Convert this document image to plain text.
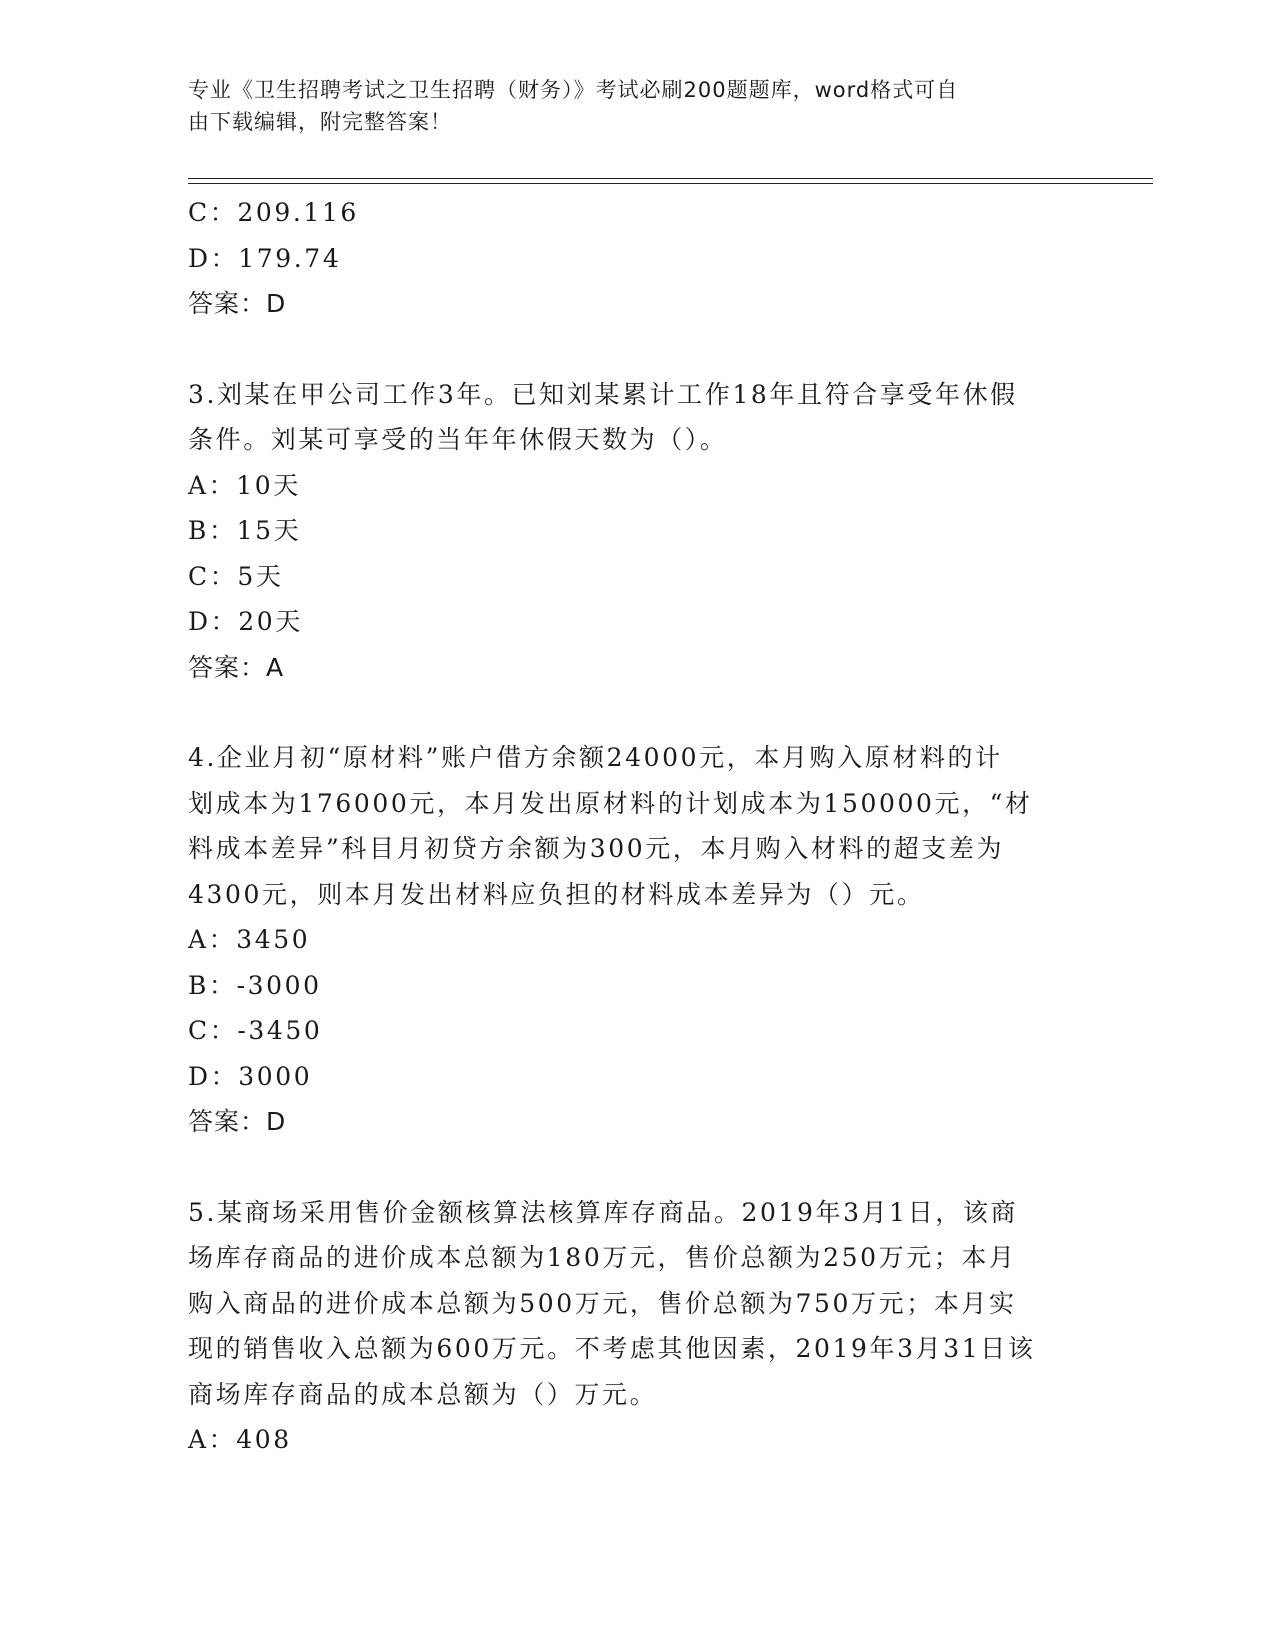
专业《卫生招聘考试之卫生招聘（财务）》考试必刷200题题库，word格式可自
由下载编辑，附完整答案！
C：209.116
D：179.74
答案：D
3.刘某在甲公司工作3年。已知刘某累计工作18年且符合享受年休假
条件。刘某可享受的当年年休假天数为（）。
A：10天
B：15天
C：5天
D：20天
答案：A
4.企业月初“原材料”账户借方余额24000元，本月购入原材料的计
划成本为176000元，本月发出原材料的计划成本为150000元，“材
料成本差异”科目月初贷方余额为300元，本月购入材料的超支差为
4300元，则本月发出材料应负担的材料成本差异为（）元。
A：3450
B：-3000
C：-3450
D：3000
答案：D
5.某商场采用售价金额核算法核算库存商品。2019年3月1日，该商
场库存商品的进价成本总额为180万元，售价总额为250万元；本月
购入商品的进价成本总额为500万元，售价总额为750万元；本月实
现的销售收入总额为600万元。不考虑其他因素，2019年3月31日该
商场库存商品的成本总额为（）万元。
A：408
